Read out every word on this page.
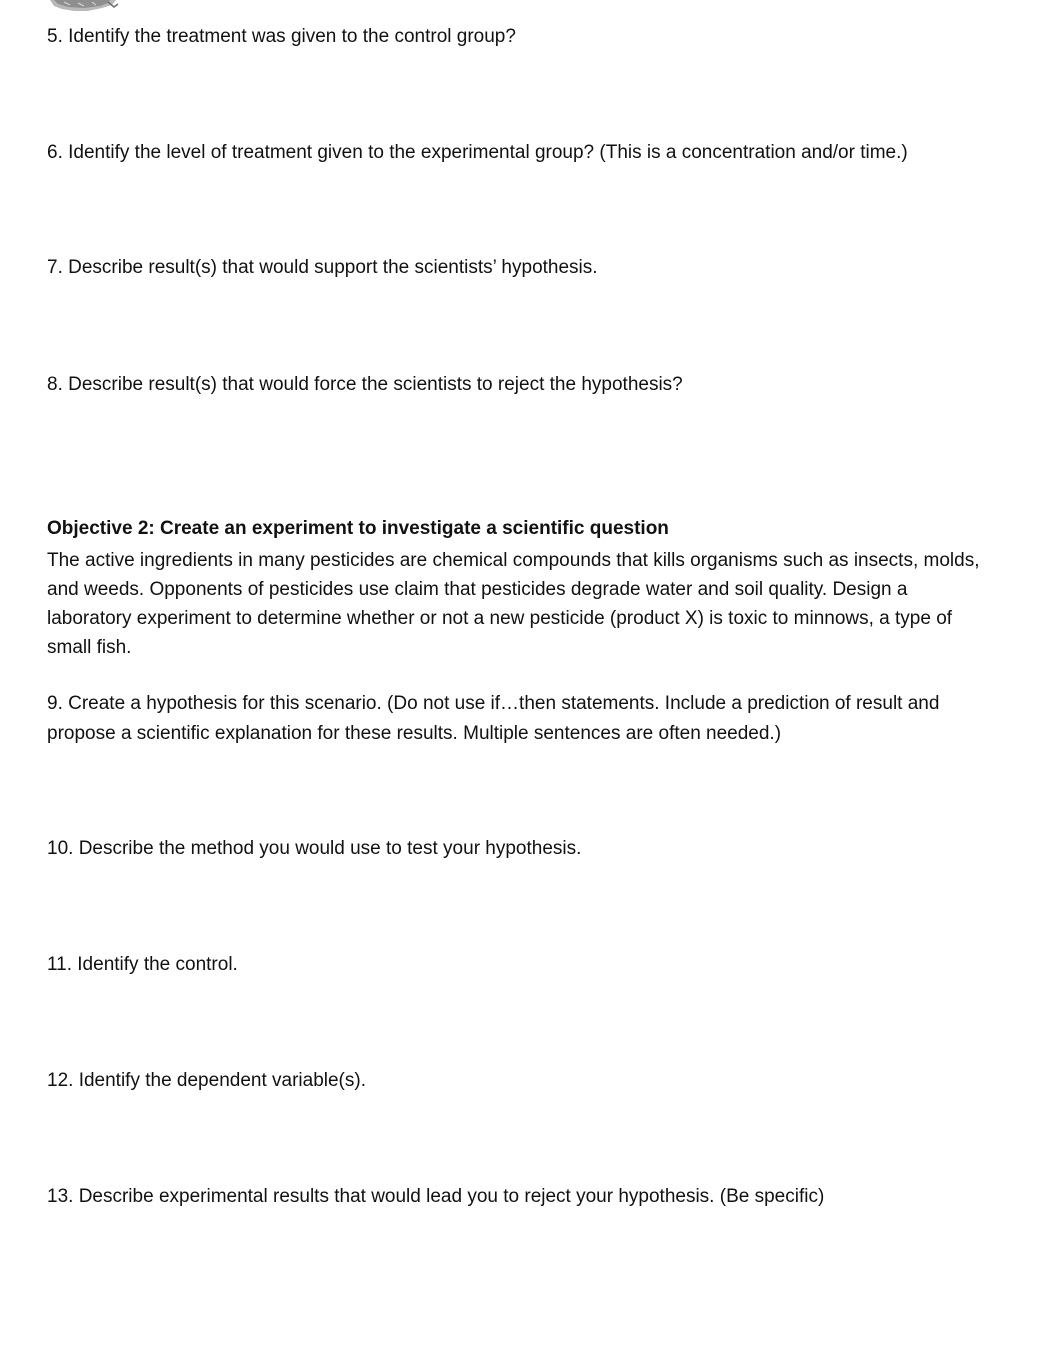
5. Identify the treatment was given to the control group?

6. Identify the level of treatment given to the experimental group? (This is a concentration and/or time.)

7. Describe result(s) that would support the scientists’ hypothesis.

8. Describe result(s) that would force the scientists to reject the hypothesis?

Objective 2: Create an experiment to investigate a scientific question

The active ingredients in many pesticides are chemical compounds that kills organisms such as insects, molds, and weeds. Opponents of pesticides use claim that pesticides degrade water and soil quality. Design a laboratory experiment to determine whether or not a new pesticide (product X) is toxic to minnows, a type of small fish.

9. Create a hypothesis for this scenario. (Do not use if…then statements. Include a prediction of result and propose a scientific explanation for these results. Multiple sentences are often needed.)

10. Describe the method you would use to test your hypothesis.

11. Identify the control.

12. Identify the dependent variable(s).

13. Describe experimental results that would lead you to reject your hypothesis. (Be specific)
